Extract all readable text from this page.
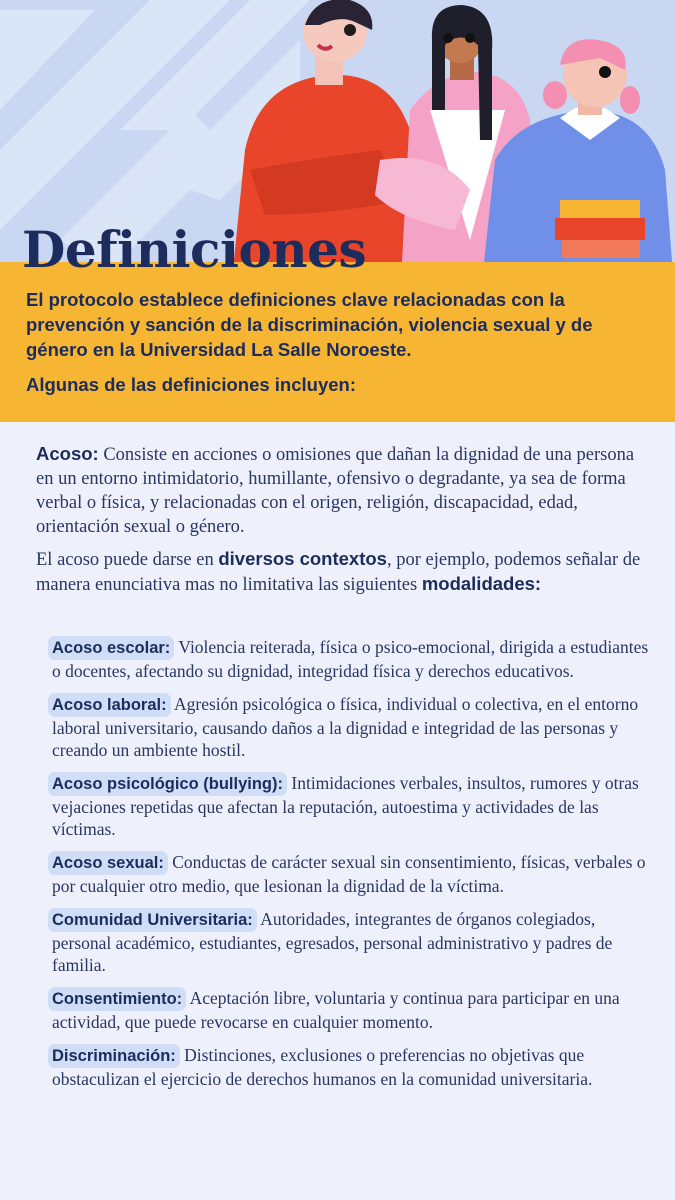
Definiciones

El protocolo establece definiciones clave relacionadas con la prevención y sanción de la discriminación, violencia sexual y de género en la Universidad La Salle Noroeste.

Algunas de las definiciones incluyen:

Acoso: Consiste en acciones o omisiones que dañan la dignidad de una persona en un entorno intimidatorio, humillante, ofensivo o degradante, ya sea de forma verbal o física, y relacionadas con el origen, religión, discapacidad, edad, orientación sexual o género.

El acoso puede darse en diversos contextos, por ejemplo, podemos señalar de manera enunciativa mas no limitativa las siguientes modalidades:

Acoso escolar: Violencia reiterada, física o psico-emocional, dirigida a estudiantes o docentes, afectando su dignidad, integridad física y derechos educativos.

Acoso laboral: Agresión psicológica o física, individual o colectiva, en el entorno laboral universitario, causando daños a la dignidad e integridad de las personas y creando un ambiente hostil.

Acoso psicológico (bullying): Intimidaciones verbales, insultos, rumores y otras vejaciones repetidas que afectan la reputación, autoestima y actividades de las víctimas.

Acoso sexual: Conductas de carácter sexual sin consentimiento, físicas, verbales o por cualquier otro medio, que lesionan la dignidad de la víctima.

Comunidad Universitaria: Autoridades, integrantes de órganos colegiados, personal académico, estudiantes, egresados, personal administrativo y padres de familia.

Consentimiento: Aceptación libre, voluntaria y continua para participar en una actividad, que puede revocarse en cualquier momento.

Discriminación: Distinciones, exclusiones o preferencias no objetivas que obstaculizan el ejercicio de derechos humanos en la comunidad universitaria.
